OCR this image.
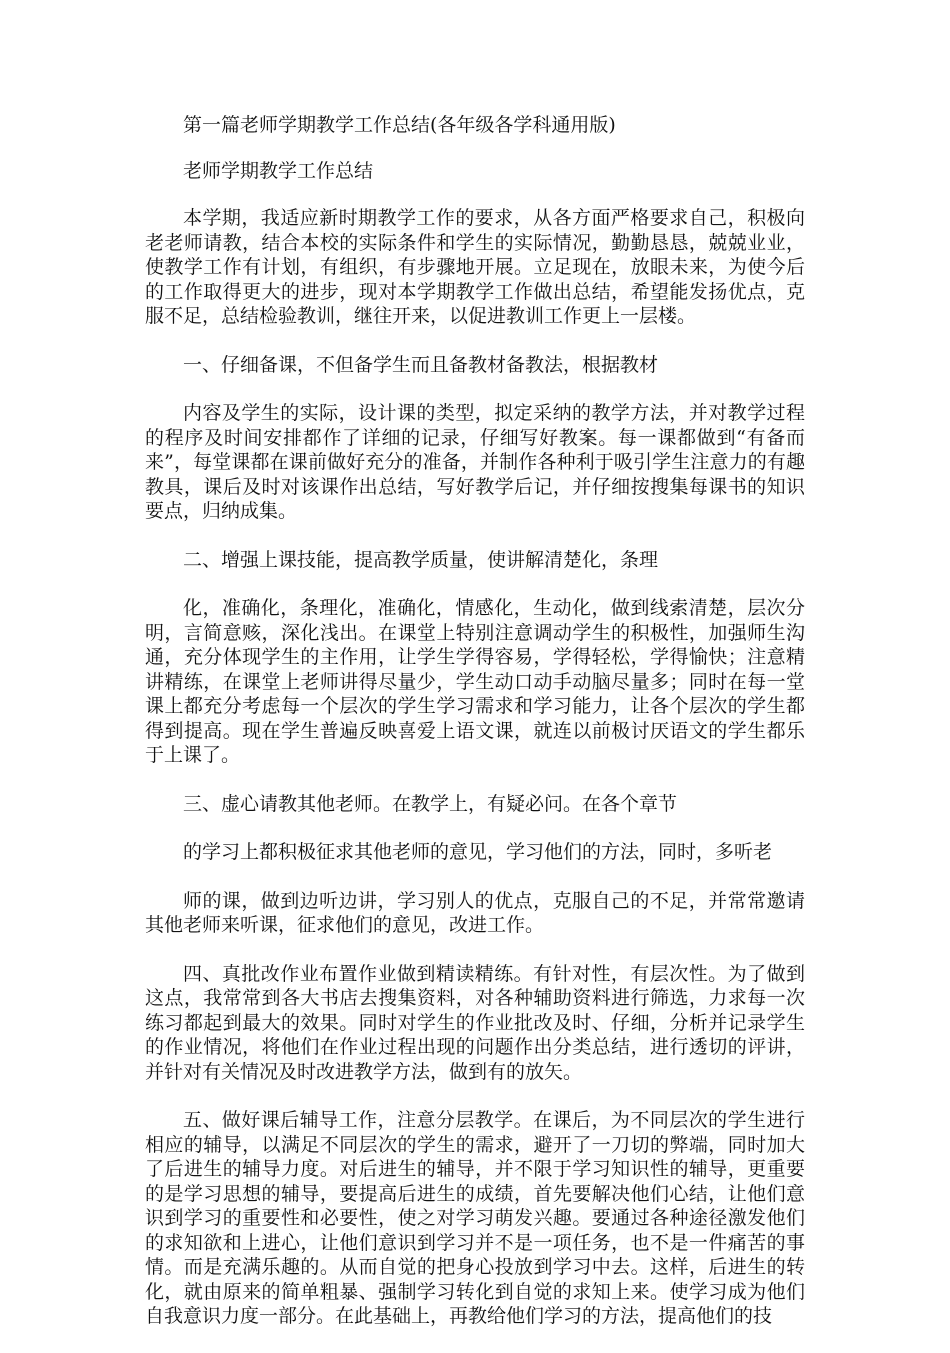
第一篇老师学期教学工作总结(各年级各学科通用版)

老师学期教学工作总结

本学期，我适应新时期教学工作的要求，从各方面严格要求自己，积极向老老师请教，结合本校的实际条件和学生的实际情况，勤勤恳恳，兢兢业业，使教学工作有计划，有组织，有步骤地开展。立足现在，放眼未来，为使今后的工作取得更大的进步，现对本学期教学工作做出总结，希望能发扬优点，克服不足，总结检验教训，继往开来，以促进教训工作更上一层楼。

一、仔细备课，不但备学生而且备教材备教法，根据教材

内容及学生的实际，设计课的类型，拟定采纳的教学方法，并对教学过程的程序及时间安排都作了详细的记录，仔细写好教案。每一课都做到“有备而来”，每堂课都在课前做好充分的准备，并制作各种利于吸引学生注意力的有趣教具，课后及时对该课作出总结，写好教学后记，并仔细按搜集每课书的知识要点，归纳成集。

二、增强上课技能，提高教学质量，使讲解清楚化，条理

化，准确化，条理化，准确化，情感化，生动化，做到线索清楚，层次分明，言简意赅，深化浅出。在课堂上特别注意调动学生的积极性，加强师生沟通，充分体现学生的主作用，让学生学得容易，学得轻松，学得愉快；注意精讲精练，在课堂上老师讲得尽量少，学生动口动手动脑尽量多；同时在每一堂课上都充分考虑每一个层次的学生学习需求和学习能力，让各个层次的学生都得到提高。现在学生普遍反映喜爱上语文课，就连以前极讨厌语文的学生都乐于上课了。

三、虚心请教其他老师。在教学上，有疑必问。在各个章节

的学习上都积极征求其他老师的意见，学习他们的方法，同时，多听老

师的课，做到边听边讲，学习别人的优点，克服自己的不足，并常常邀请其他老师来听课，征求他们的意见，改进工作。

四、真批改作业布置作业做到精读精练。有针对性，有层次性。为了做到这点，我常常到各大书店去搜集资料，对各种辅助资料进行筛选，力求每一次练习都起到最大的效果。同时对学生的作业批改及时、仔细，分析并记录学生的作业情况，将他们在作业过程出现的问题作出分类总结，进行透切的评讲，并针对有关情况及时改进教学方法，做到有的放矢。

五、做好课后辅导工作，注意分层教学。在课后，为不同层次的学生进行相应的辅导，以满足不同层次的学生的需求，避开了一刀切的弊端，同时加大了后进生的辅导力度。对后进生的辅导，并不限于学习知识性的辅导，更重要的是学习思想的辅导，要提高后进生的成绩，首先要解决他们心结，让他们意识到学习的重要性和必要性，使之对学习萌发兴趣。要通过各种途径激发他们的求知欲和上进心，让他们意识到学习并不是一项任务，也不是一件痛苦的事情。而是充满乐趣的。从而自觉的把身心投放到学习中去。这样，后进生的转化，就由原来的简单粗暴、强制学习转化到自觉的求知上来。使学习成为他们自我意识力度一部分。在此基础上，再教给他们学习的方法，提高他们的技
